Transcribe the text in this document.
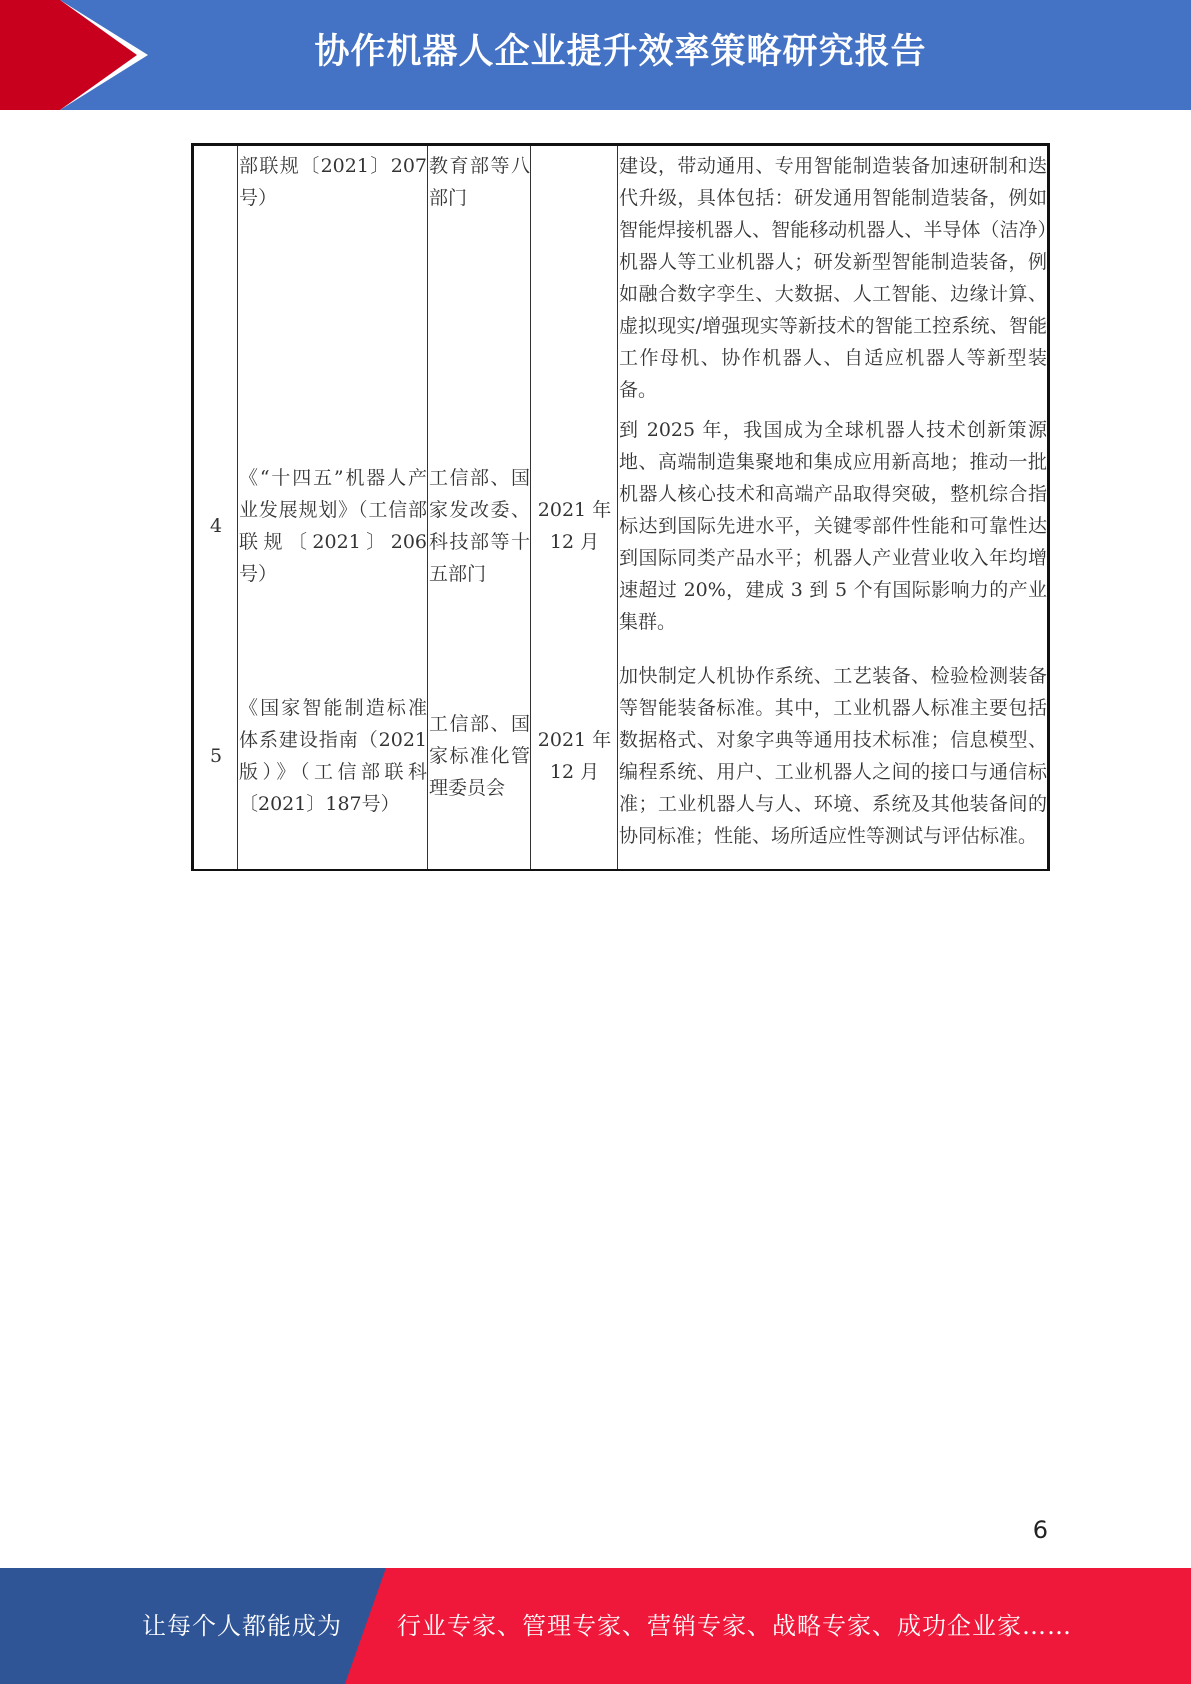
协作机器人企业提升效率策略研究报告
	部联规〔2021〕207号）	教育部等八部门		建设，带动通用、专用智能制造装备加速研制和迭代升级，具体包括：研发通用智能制造装备，例如智能焊接机器人、智能移动机器人、半导体（洁净）机器人等工业机器人；研发新型智能制造装备，例如融合数字孪生、大数据、人工智能、边缘计算、虚拟现实/增强现实等新技术的智能工控系统、智能工作母机、协作机器人、自适应机器人等新型装备。
4	《“十四五”机器人产业发展规划》（工信部联规〔2021〕206号）	工信部、国家发改委、科技部等十五部门	2021 年 12 月	到 2025 年，我国成为全球机器人技术创新策源地、高端制造集聚地和集成应用新高地；推动一批机器人核心技术和高端产品取得突破，整机综合指标达到国际先进水平，关键零部件性能和可靠性达到国际同类产品水平；机器人产业营业收入年均增速超过 20%，建成 3 到 5 个有国际影响力的产业集群。
5	《国家智能制造标准体系建设指南（2021 版）》（工信部联科〔2021〕187号）	工信部、国家标准化管理委员会	2021 年 12 月	加快制定人机协作系统、工艺装备、检验检测装备等智能装备标准。其中，工业机器人标准主要包括数据格式、对象字典等通用技术标准；信息模型、编程系统、用户、工业机器人之间的接口与通信标准；工业机器人与人、环境、系统及其他装备间的协同标准；性能、场所适应性等测试与评估标准。
6
让每个人都能成为 行业专家、管理专家、营销专家、战略专家、成功企业家……
